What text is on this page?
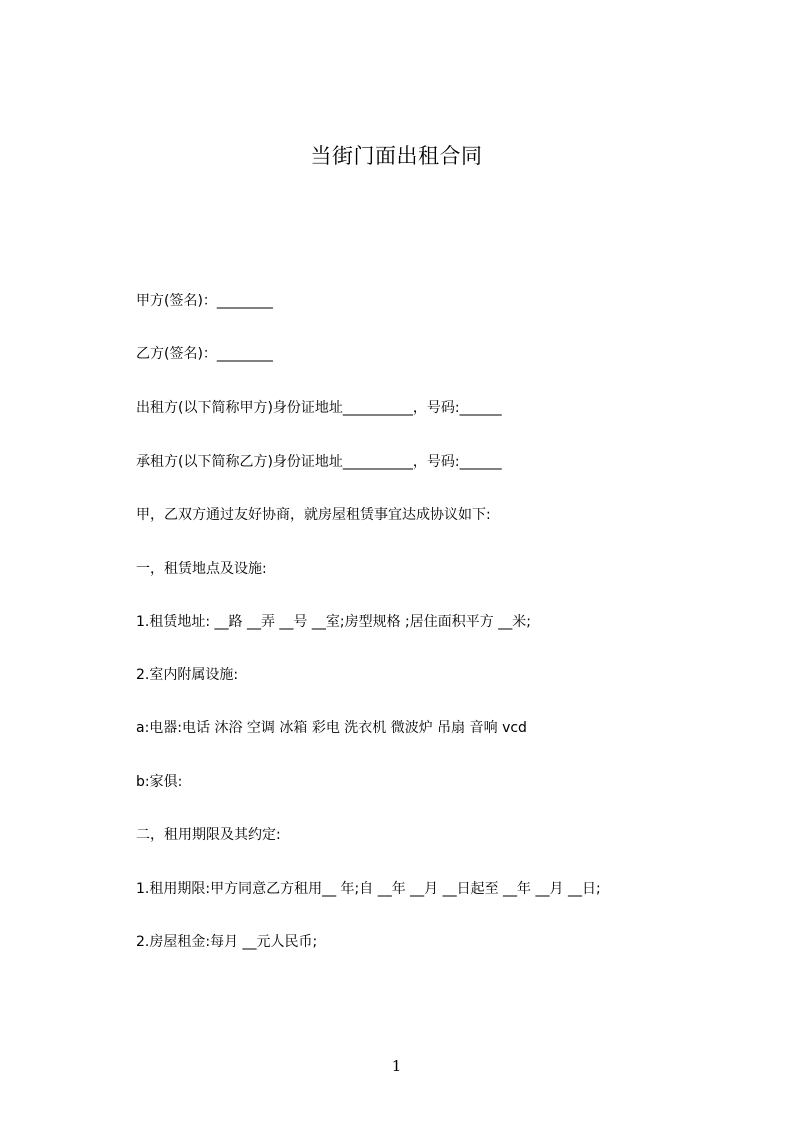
当街门面出租合同
甲方(签名)：________
乙方(签名)：________
出租方(以下简称甲方)身份证地址__________，号码:______
承租方(以下简称乙方)身份证地址__________，号码:______
甲，乙双方通过友好协商，就房屋租赁事宜达成协议如下:
一，租赁地点及设施:
1.租赁地址: __路 __弄 __号 __室;房型规格 ;居住面积平方 __米;
2.室内附属设施:
a:电器:电话 沐浴 空调 冰箱 彩电 洗衣机 微波炉 吊扇 音响 vcd
b:家俱:
二，租用期限及其约定:
1.租用期限:甲方同意乙方租用__ 年;自 __年 __月 __日起至 __年 __月 __日;
2.房屋租金:每月 __元人民币;
1
